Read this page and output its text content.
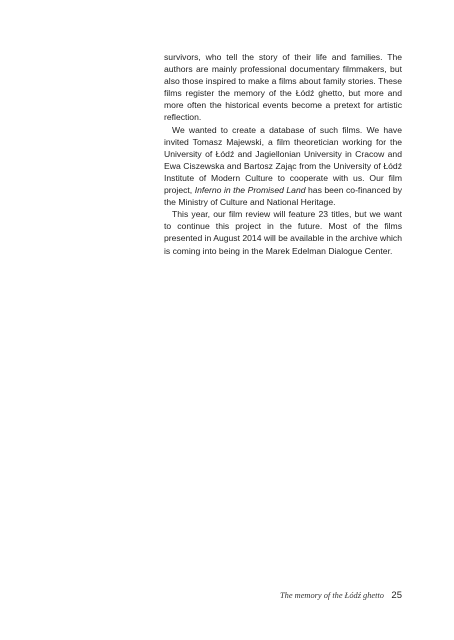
survivors, who tell the story of their life and families. The authors are mainly professional documentary filmmakers, but also those inspired to make a films about family stories. These films register the memory of the Łódź ghetto, but more and more often the historical events become a pretext for artistic reflection.

We wanted to create a database of such films. We have invited Tomasz Majewski, a film theoretician working for the University of Łódź and Jagiellonian University in Cracow and Ewa Ciszewska and Bartosz Zając from the University of Łódź Institute of Modern Culture to cooperate with us. Our film project, Inferno in the Promised Land has been co-financed by the Ministry of Culture and National Heritage.

This year, our film review will feature 23 titles, but we want to continue this project in the future. Most of the films presented in August 2014 will be available in the archive which is coming into being in the Marek Edelman Dialogue Center.

The memory of the Łódź ghetto 25
